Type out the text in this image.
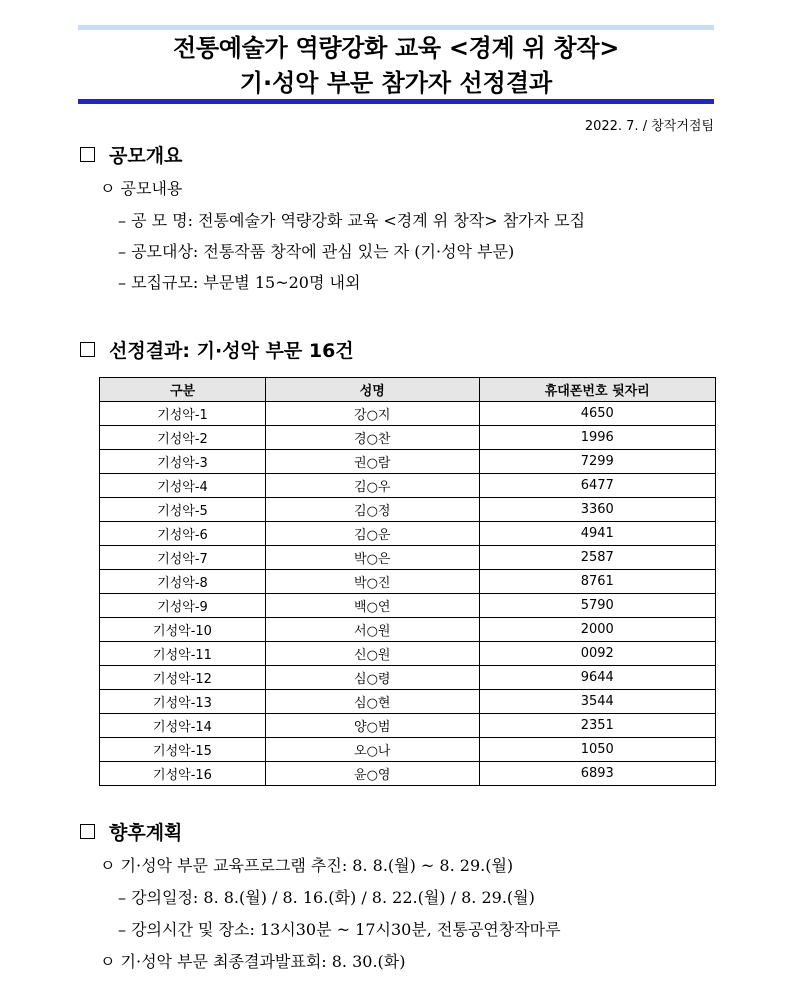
전통예술가 역량강화 교육 <경계 위 창작>
기·성악 부문 참가자 선정결과
2022. 7. / 창작거점팀
공모개요
ㅇ 공모내용
– 공 모 명: 전통예술가 역량강화 교육 <경계 위 창작> 참가자 모집
– 공모대상: 전통작품 창작에 관심 있는 자 (기·성악 부문)
– 모집규모: 부문별 15~20명 내외
선정결과: 기·성악 부문 16건
구분	성명	휴대폰번호 뒷자리
기성악-1	강○지	4650
기성악-2	경○찬	1996
기성악-3	권○람	7299
기성악-4	김○우	6477
기성악-5	김○정	3360
기성악-6	김○운	4941
기성악-7	박○은	2587
기성악-8	박○진	8761
기성악-9	백○연	5790
기성악-10	서○원	2000
기성악-11	신○원	0092
기성악-12	심○령	9644
기성악-13	심○현	3544
기성악-14	양○범	2351
기성악-15	오○나	1050
기성악-16	윤○영	6893
향후계획
ㅇ 기·성악 부문 교육프로그램 추진: 8. 8.(월) ~ 8. 29.(월)
– 강의일정: 8. 8.(월) / 8. 16.(화) / 8. 22.(월) / 8. 29.(월)
– 강의시간 및 장소: 13시30분 ~ 17시30분, 전통공연창작마루
ㅇ 기·성악 부문 최종결과발표회: 8. 30.(화)
